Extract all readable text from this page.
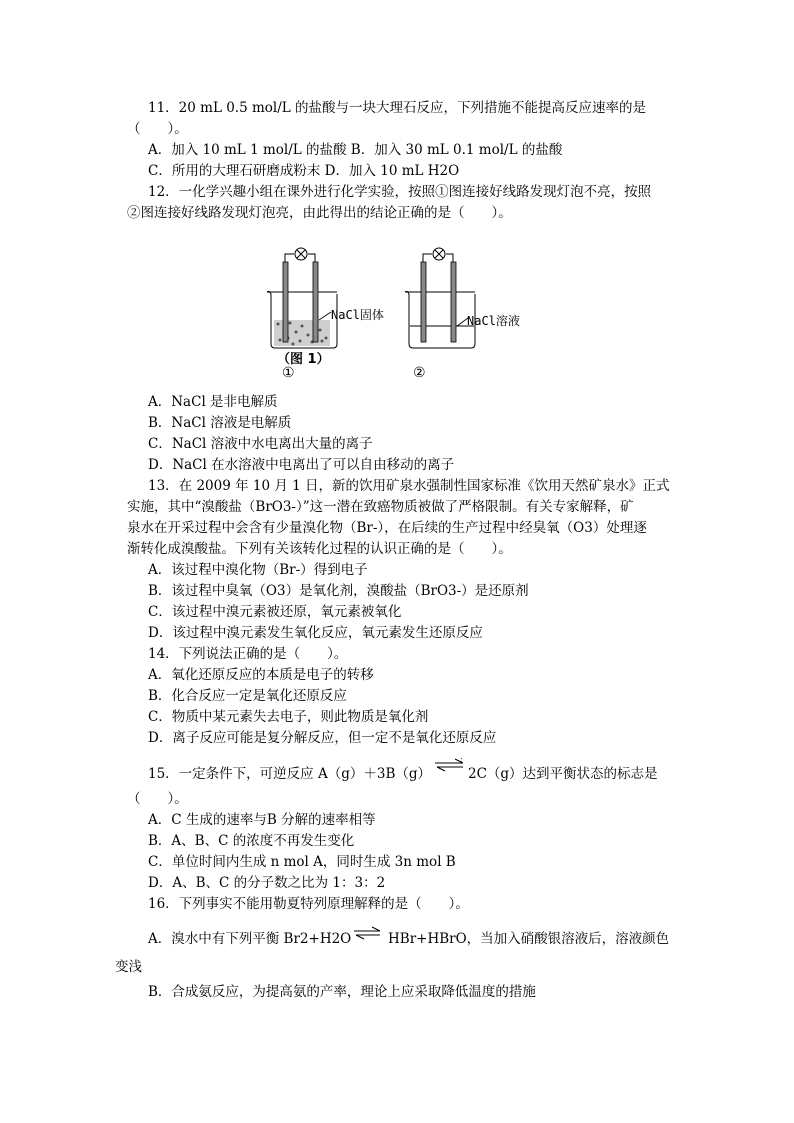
11．20 mL 0.5 mol/L 的盐酸与一块大理石反应，下列措施不能提高反应速率的是
（　　）。
A．加入 10 mL 1 mol/L 的盐酸 B．加入 30 mL 0.1 mol/L 的盐酸
C．所用的大理石研磨成粉末 D．加入 10 mL H2O
12．一化学兴趣小组在课外进行化学实验，按照①图连接好线路发现灯泡不亮，按照
②图连接好线路发现灯泡亮，由此得出的结论正确的是（　　）。
NaCl固体	NaCl溶液
（图 1）
①	②
A．NaCl 是非电解质
B．NaCl 溶液是电解质
C．NaCl 溶液中水电离出大量的离子
D．NaCl 在水溶液中电离出了可以自由移动的离子
13．在 2009 年 10 月 1 日，新的饮用矿泉水强制性国家标准《饮用天然矿泉水》正式
实施，其中“溴酸盐（BrO3-）”这一潜在致癌物质被做了严格限制。有关专家解释，矿
泉水在开采过程中会含有少量溴化物（Br-），在后续的生产过程中经臭氧（O3）处理逐
渐转化成溴酸盐。下列有关该转化过程的认识正确的是（　　）。
A．该过程中溴化物（Br-）得到电子
B．该过程中臭氧（O3）是氧化剂，溴酸盐（BrO3-）是还原剂
C．该过程中溴元素被还原，氧元素被氧化
D．该过程中溴元素发生氧化反应，氧元素发生还原反应
14．下列说法正确的是（　　）。
A．氧化还原反应的本质是电子的转移
B．化合反应一定是氧化还原反应
C．物质中某元素失去电子，则此物质是氧化剂
D．离子反应可能是复分解反应，但一定不是氧化还原反应
15．一定条件下，可逆反应 A（g）＋3B（g）
;
2C（g）达到平衡状态的标志是
（　　）。
A．C 生成的速率与B 分解的速率相等
B．A、B、C 的浓度不再发生变化
C．单位时间内生成 n mol A，同时生成 3n mol B
D．A、B、C 的分子数之比为 1：3：2
16．下列事实不能用勒夏特列原理解释的是（　　）。
A．溴水中有下列平衡 Br2+H2O ⇌ HBr+HBrO，当加入硝酸银溶液后，溶液颜色
变浅
B．合成氨反应，为提高氨的产率，理论上应采取降低温度的措施
